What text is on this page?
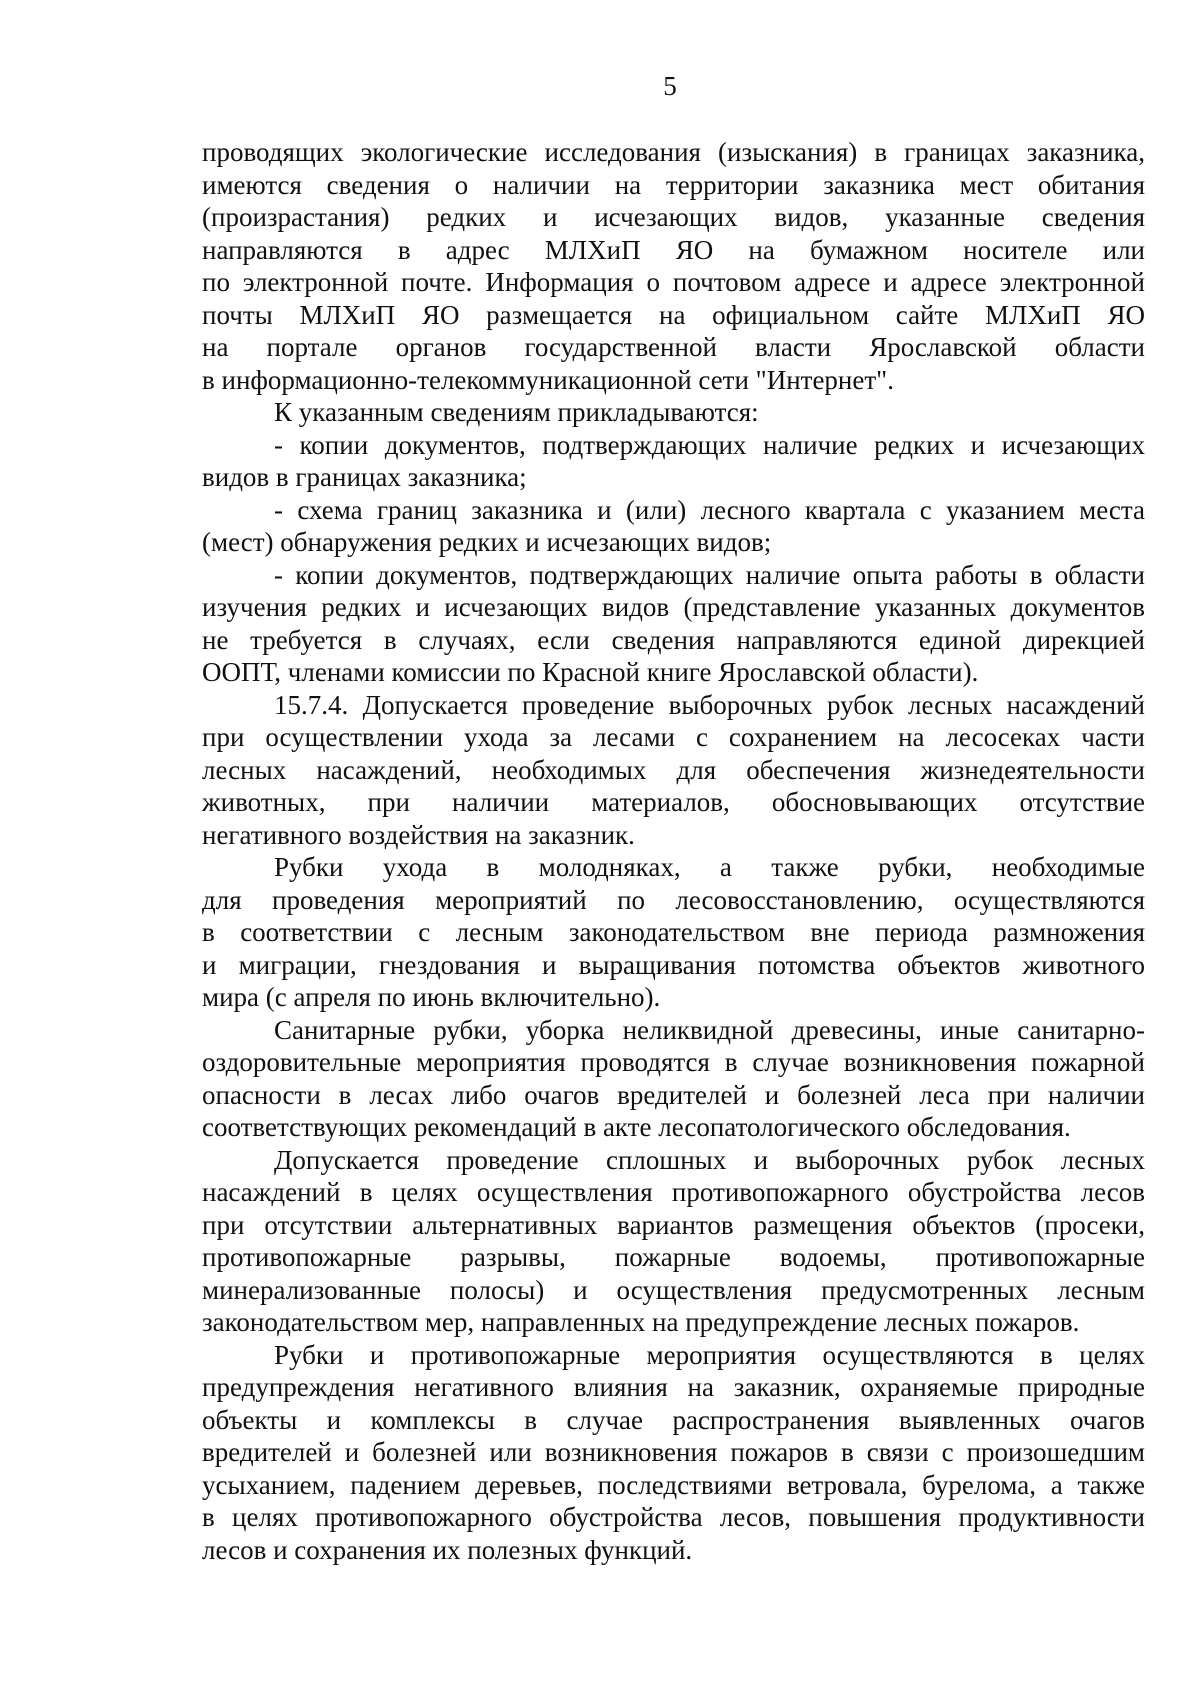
5
проводящих экологические исследования (изыскания) в границах заказника,
имеются сведения о наличии на территории заказника мест обитания
(произрастания) редких и исчезающих видов, указанные сведения
направляются в адрес МЛХиП ЯО на бумажном носителе или
по электронной почте. Информация о почтовом адресе и адресе электронной
почты МЛХиП ЯО размещается на официальном сайте МЛХиП ЯО
на портале органов государственной власти Ярославской области
в информационно-телекоммуникационной сети "Интернет".
К указанным сведениям прикладываются:
- копии документов, подтверждающих наличие редких и исчезающих
видов в границах заказника;
- схема границ заказника и (или) лесного квартала с указанием места
(мест) обнаружения редких и исчезающих видов;
- копии документов, подтверждающих наличие опыта работы в области
изучения редких и исчезающих видов (представление указанных документов
не требуется в случаях, если сведения направляются единой дирекцией
ООПТ, членами комиссии по Красной книге Ярославской области).
15.7.4. Допускается проведение выборочных рубок лесных насаждений
при осуществлении ухода за лесами с сохранением на лесосеках части
лесных насаждений, необходимых для обеспечения жизнедеятельности
животных, при наличии материалов, обосновывающих отсутствие
негативного воздействия на заказник.
Рубки ухода в молодняках, а также рубки, необходимые
для проведения мероприятий по лесовосстановлению, осуществляются
в соответствии с лесным законодательством вне периода размножения
и миграции, гнездования и выращивания потомства объектов животного
мира (с апреля по июнь включительно).
Санитарные рубки, уборка неликвидной древесины, иные санитарно-
оздоровительные мероприятия проводятся в случае возникновения пожарной
опасности в лесах либо очагов вредителей и болезней леса при наличии
соответствующих рекомендаций в акте лесопатологического обследования.
Допускается проведение сплошных и выборочных рубок лесных
насаждений в целях осуществления противопожарного обустройства лесов
при отсутствии альтернативных вариантов размещения объектов (просеки,
противопожарные разрывы, пожарные водоемы, противопожарные
минерализованные полосы) и осуществления предусмотренных лесным
законодательством мер, направленных на предупреждение лесных пожаров.
Рубки и противопожарные мероприятия осуществляются в целях
предупреждения негативного влияния на заказник, охраняемые природные
объекты и комплексы в случае распространения выявленных очагов
вредителей и болезней или возникновения пожаров в связи с произошедшим
усыханием, падением деревьев, последствиями ветровала, бурелома, а также
в целях противопожарного обустройства лесов, повышения продуктивности
лесов и сохранения их полезных функций.
